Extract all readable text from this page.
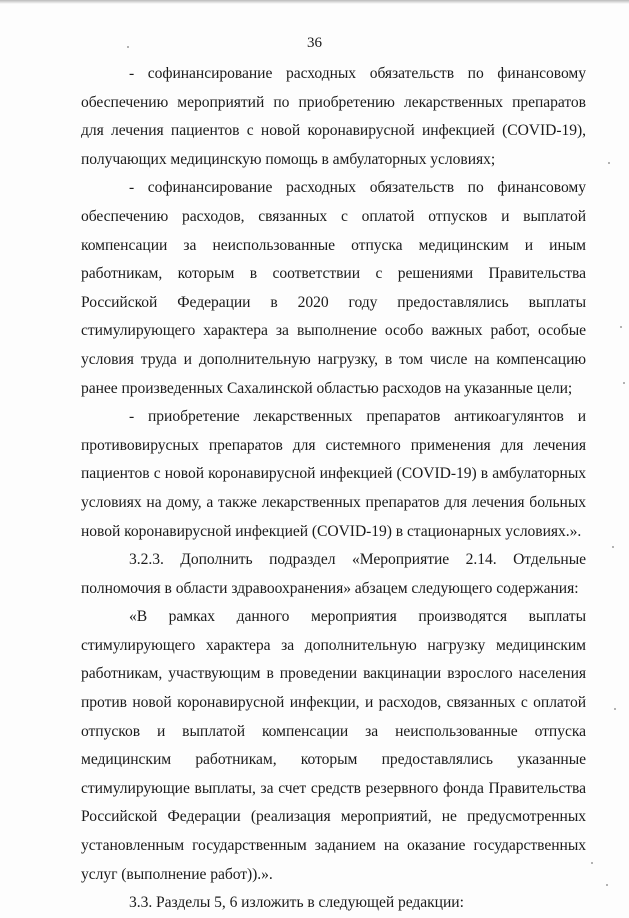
36

- софинансирование расходных обязательств по финансовому обеспечению мероприятий по приобретению лекарственных препаратов для лечения пациентов с новой коронавирусной инфекцией (COVID-19), получающих медицинскую помощь в амбулаторных условиях;

- софинансирование расходных обязательств по финансовому обеспечению расходов, связанных с оплатой отпусков и выплатой компенсации за неиспользованные отпуска медицинским и иным работникам, которым в соответствии с решениями Правительства Российской Федерации в 2020 году предоставлялись выплаты стимулирующего характера за выполнение особо важных работ, особые условия труда и дополнительную нагрузку, в том числе на компенсацию ранее произведенных Сахалинской областью расходов на указанные цели;

- приобретение лекарственных препаратов антикоагулянтов и противовирусных препаратов для системного применения для лечения пациентов с новой коронавирусной инфекцией (COVID-19) в амбулаторных условиях на дому, а также лекарственных препаратов для лечения больных новой коронавирусной инфекцией (COVID-19) в стационарных условиях.».

3.2.3. Дополнить подраздел «Мероприятие 2.14. Отдельные полномочия в области здравоохранения» абзацем следующего содержания:

«В рамках данного мероприятия производятся выплаты стимулирующего характера за дополнительную нагрузку медицинским работникам, участвующим в проведении вакцинации взрослого населения против новой коронавирусной инфекции, и расходов, связанных с оплатой отпусков и выплатой компенсации за неиспользованные отпуска медицинским работникам, которым предоставлялись указанные стимулирующие выплаты, за счет средств резервного фонда Правительства Российской Федерации (реализация мероприятий, не предусмотренных установленным государственным заданием на оказание государственных услуг (выполнение работ)).».

3.3. Разделы 5, 6 изложить в следующей редакции:
